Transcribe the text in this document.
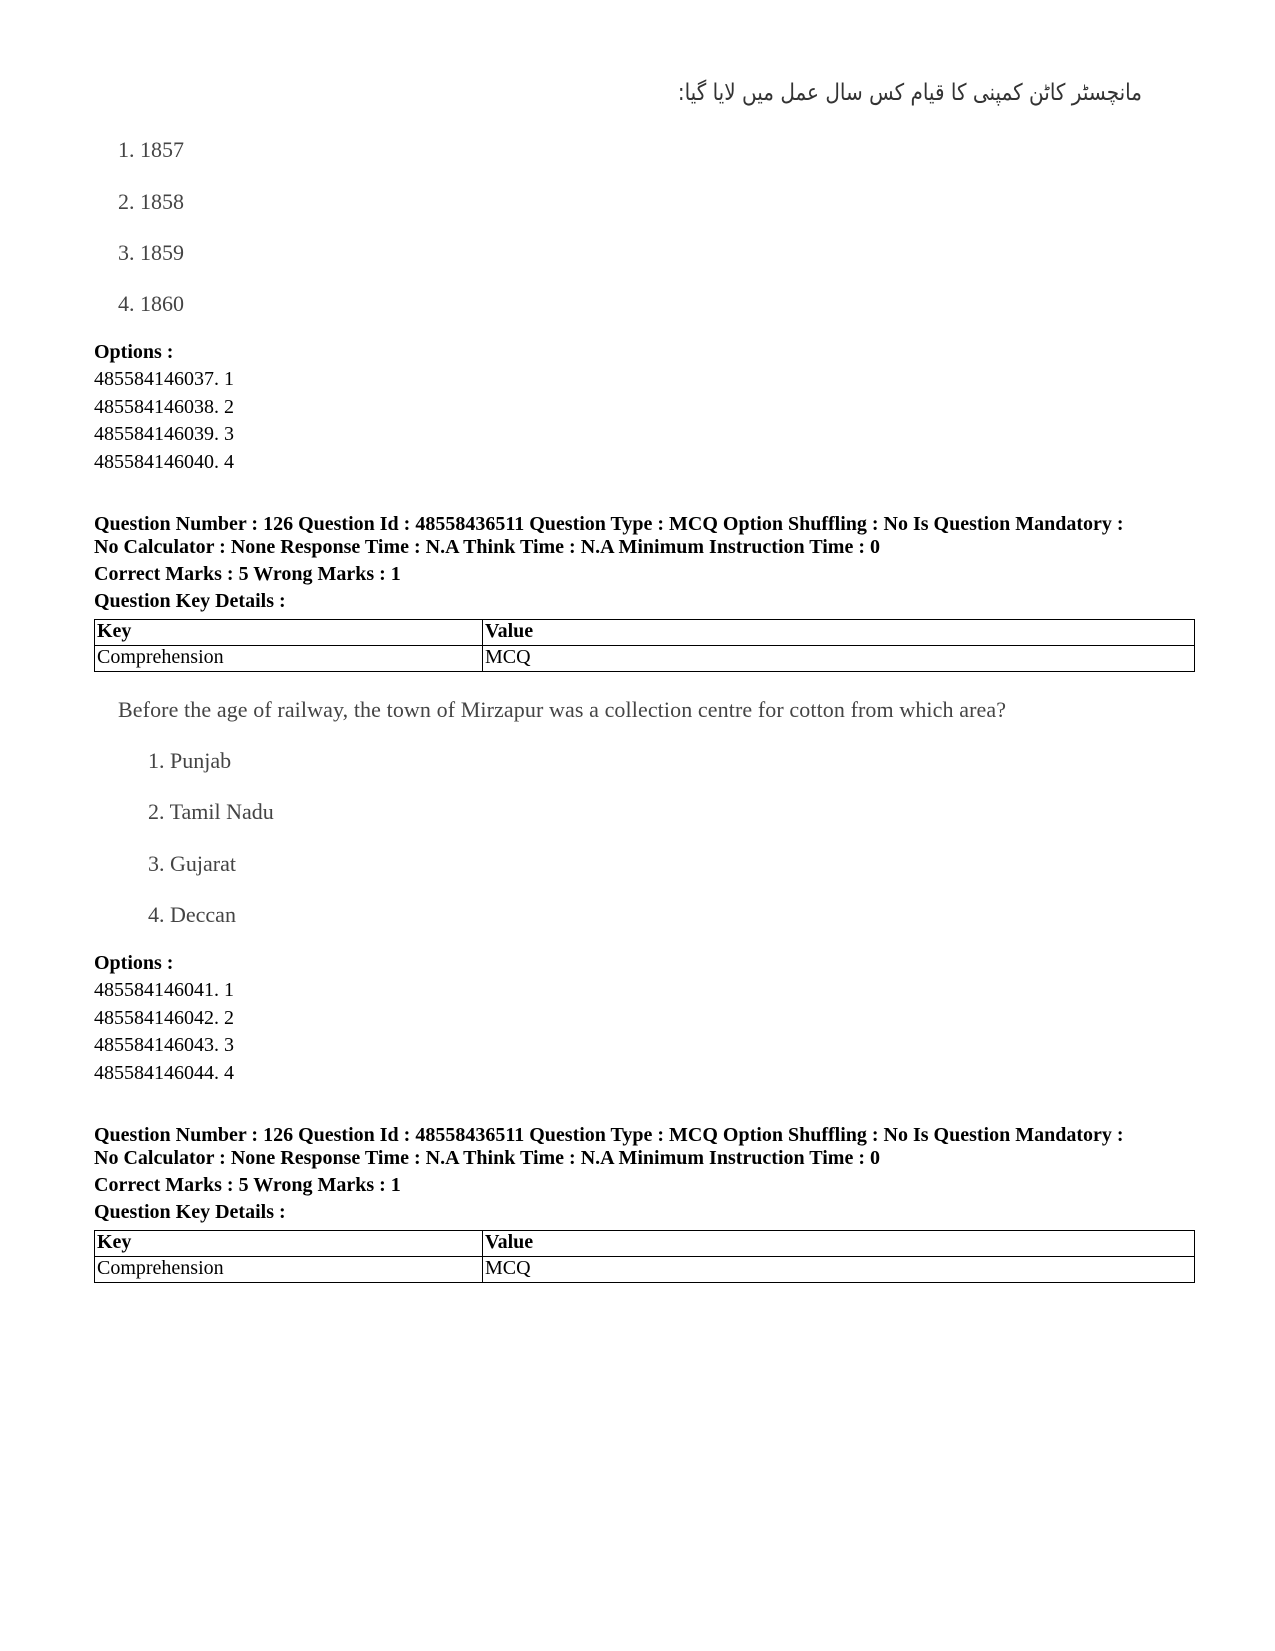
مانچسٹر کاٹن کمپنی کا قیام کس سال عمل میں لایا گیا:

1. 1857

2. 1858

3. 1859

4. 1860

Options :
485584146037. 1
485584146038. 2
485584146039. 3
485584146040. 4
Question Number : 126 Question Id : 48558436511 Question Type : MCQ Option Shuffling : No Is Question Mandatory :
No Calculator : None Response Time : N.A Think Time : N.A Minimum Instruction Time : 0
Correct Marks : 5 Wrong Marks : 1
Question Key Details :
Key	Value
Comprehension	MCQ

Before the age of railway, the town of Mirzapur was a collection centre for cotton from which area?

1. Punjab

2. Tamil Nadu

3. Gujarat

4. Deccan

Options :
485584146041. 1
485584146042. 2
485584146043. 3
485584146044. 4
Question Number : 126 Question Id : 48558436511 Question Type : MCQ Option Shuffling : No Is Question Mandatory :
No Calculator : None Response Time : N.A Think Time : N.A Minimum Instruction Time : 0
Correct Marks : 5 Wrong Marks : 1
Question Key Details :
Key	Value
Comprehension	MCQ
